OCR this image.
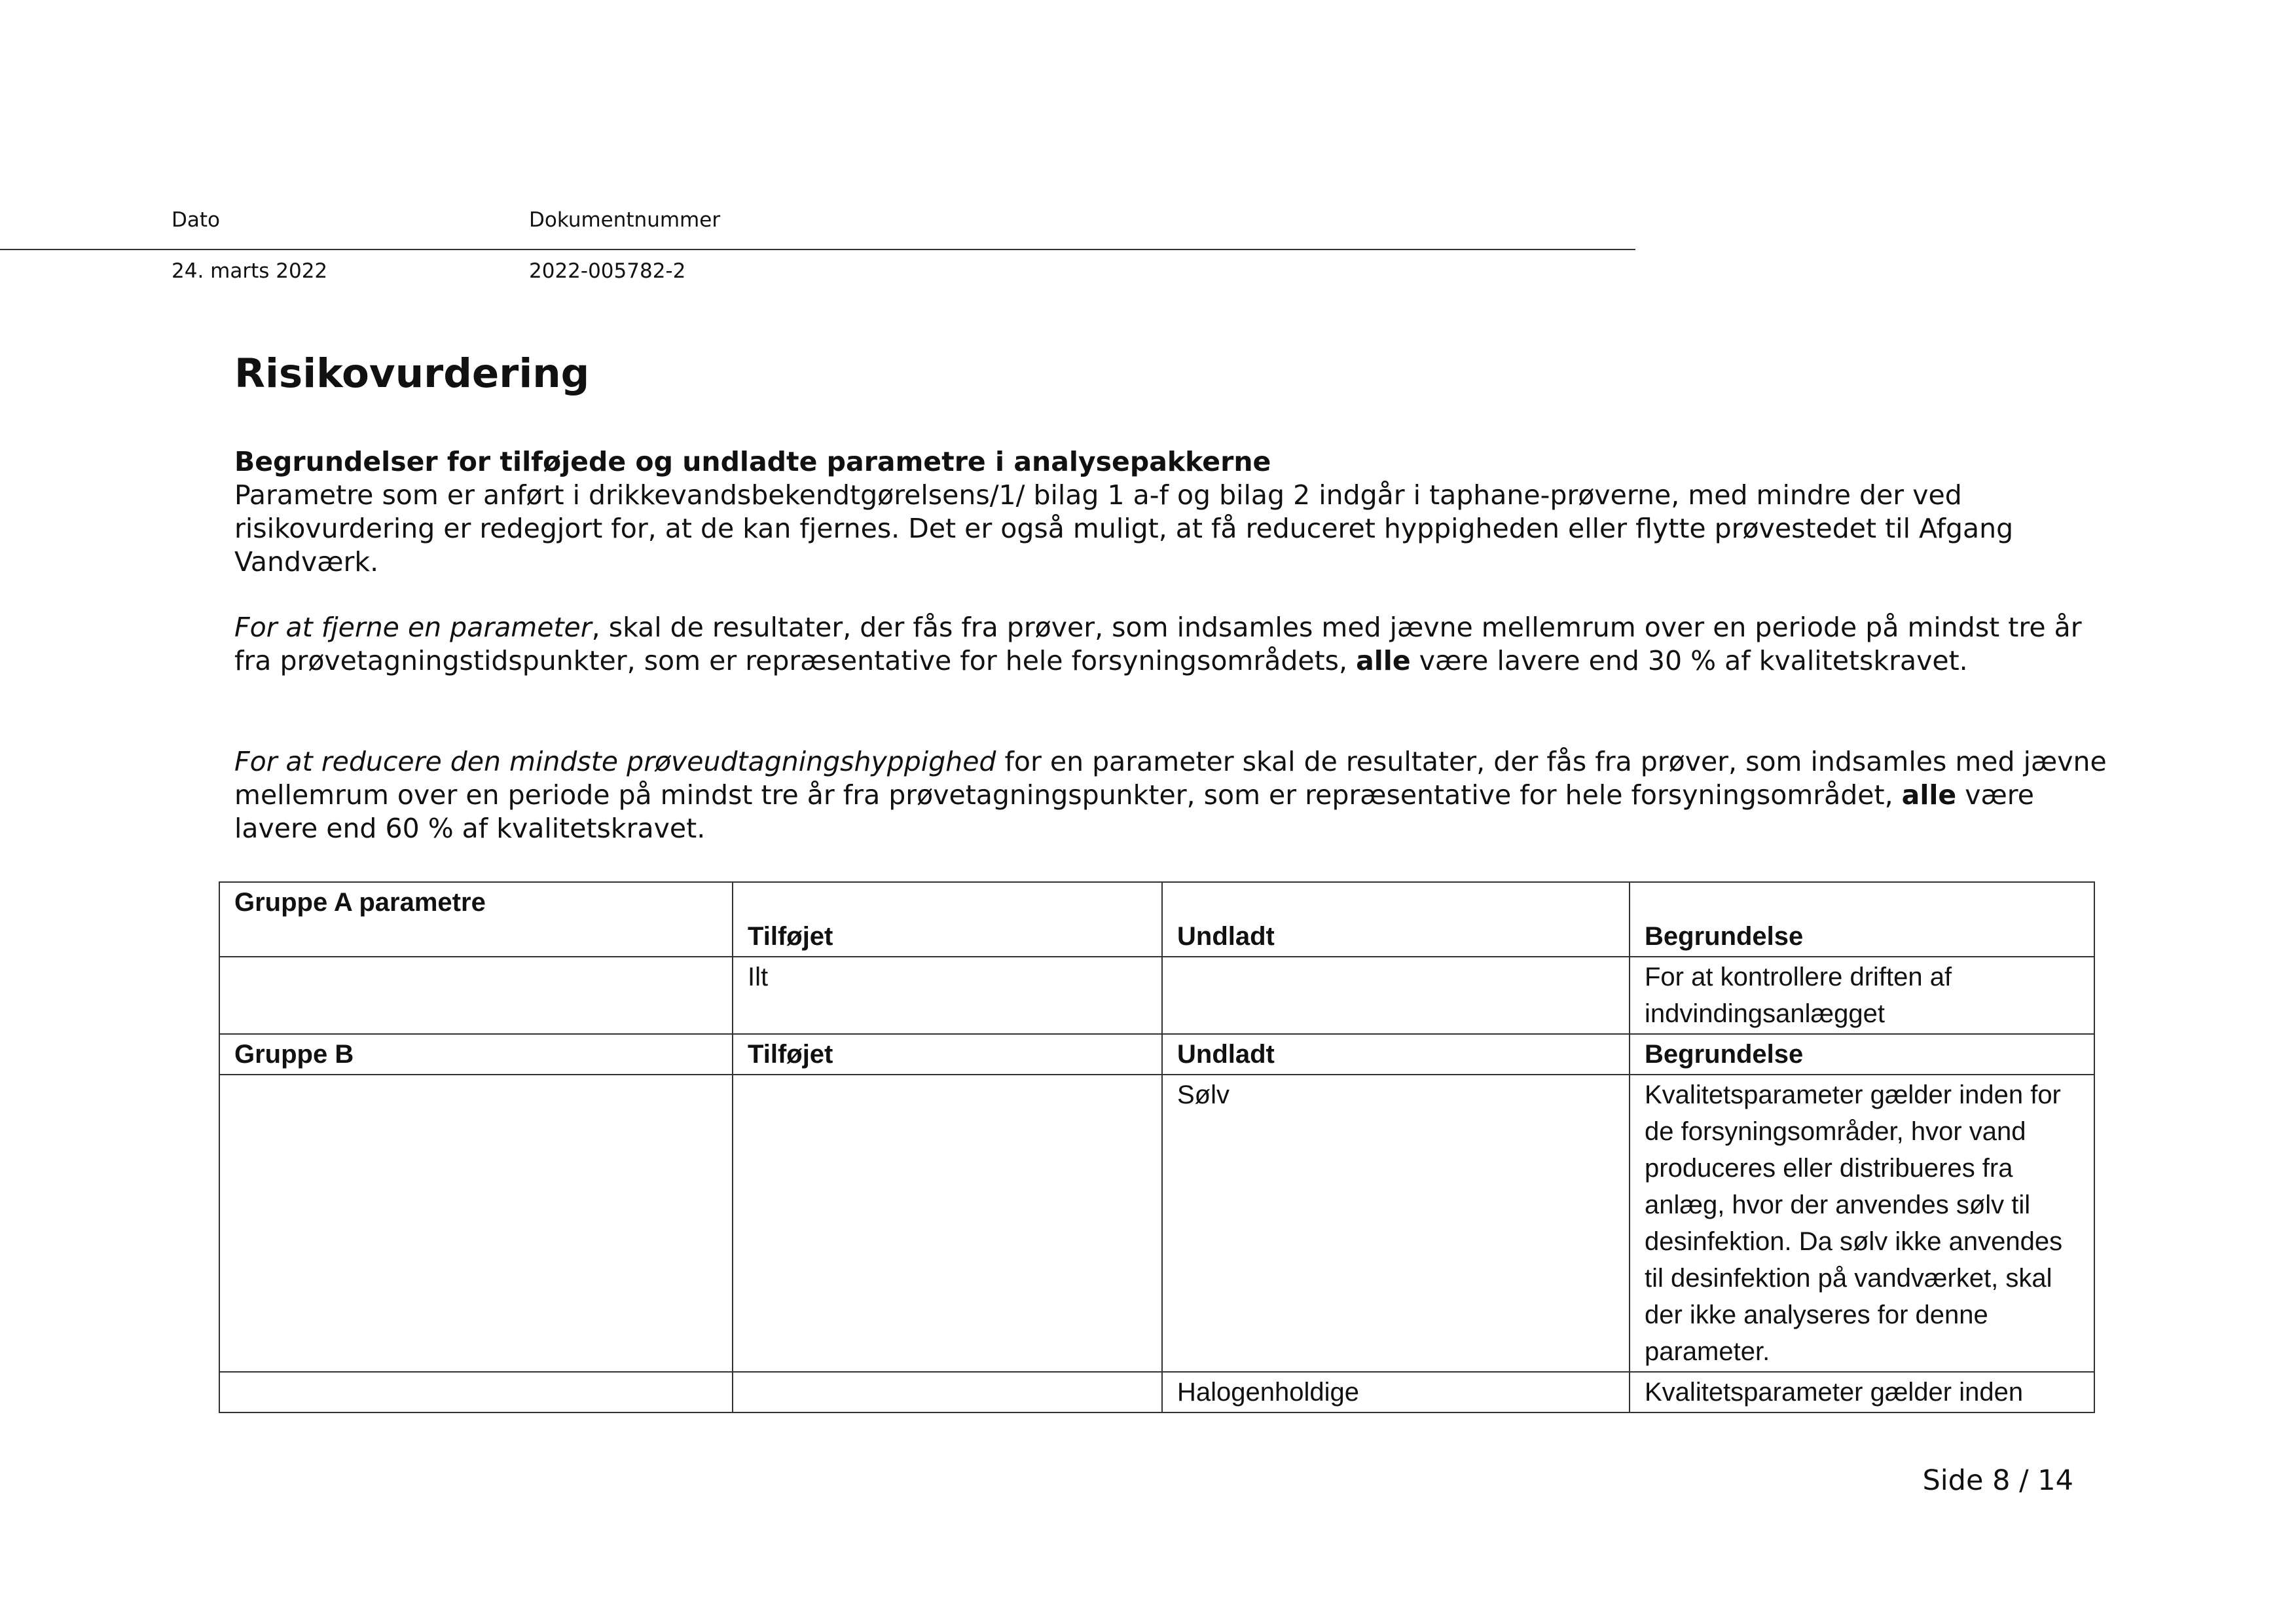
Dato	Dokumentnummer
24. marts 2022	2022-005782-2
Risikovurdering
Begrundelser for tilføjede og undladte parametre i analysepakkerne
Parametre som er anført i drikkevandsbekendtgørelsens/1/ bilag 1 a-f og bilag 2 indgår i taphane-prøverne, med mindre der ved risikovurdering er redegjort for, at de kan fjernes. Det er også muligt, at få reduceret hyppigheden eller flytte prøvestedet til Afgang Vandværk.

For at fjerne en parameter, skal de resultater, der fås fra prøver, som indsamles med jævne mellemrum over en periode på mindst tre år fra prøvetagningstidspunkter, som er repræsentative for hele forsyningsområdets, alle være lavere end 30 % af kvalitetskravet.

For at reducere den mindste prøveudtagningshyppighed for en parameter skal de resultater, der fås fra prøver, som indsamles med jævne mellemrum over en periode på mindst tre år fra prøvetagningspunkter, som er repræsentative for hele forsyningsområdet, alle være lavere end 60 % af kvalitetskravet.

Gruppe A parametre	Tilføjet	Undladt	Begrundelse
	Ilt		For at kontrollere driften af indvindingsanlægget
Gruppe B	Tilføjet	Undladt	Begrundelse
		Sølv	Kvalitetsparameter gælder inden for de forsyningsområder, hvor vand produceres eller distribueres fra anlæg, hvor der anvendes sølv til desinfektion. Da sølv ikke anvendes til desinfektion på vandværket, skal der ikke analyseres for denne parameter.
		Halogenholdige	Kvalitetsparameter gælder inden
Side 8 / 14
